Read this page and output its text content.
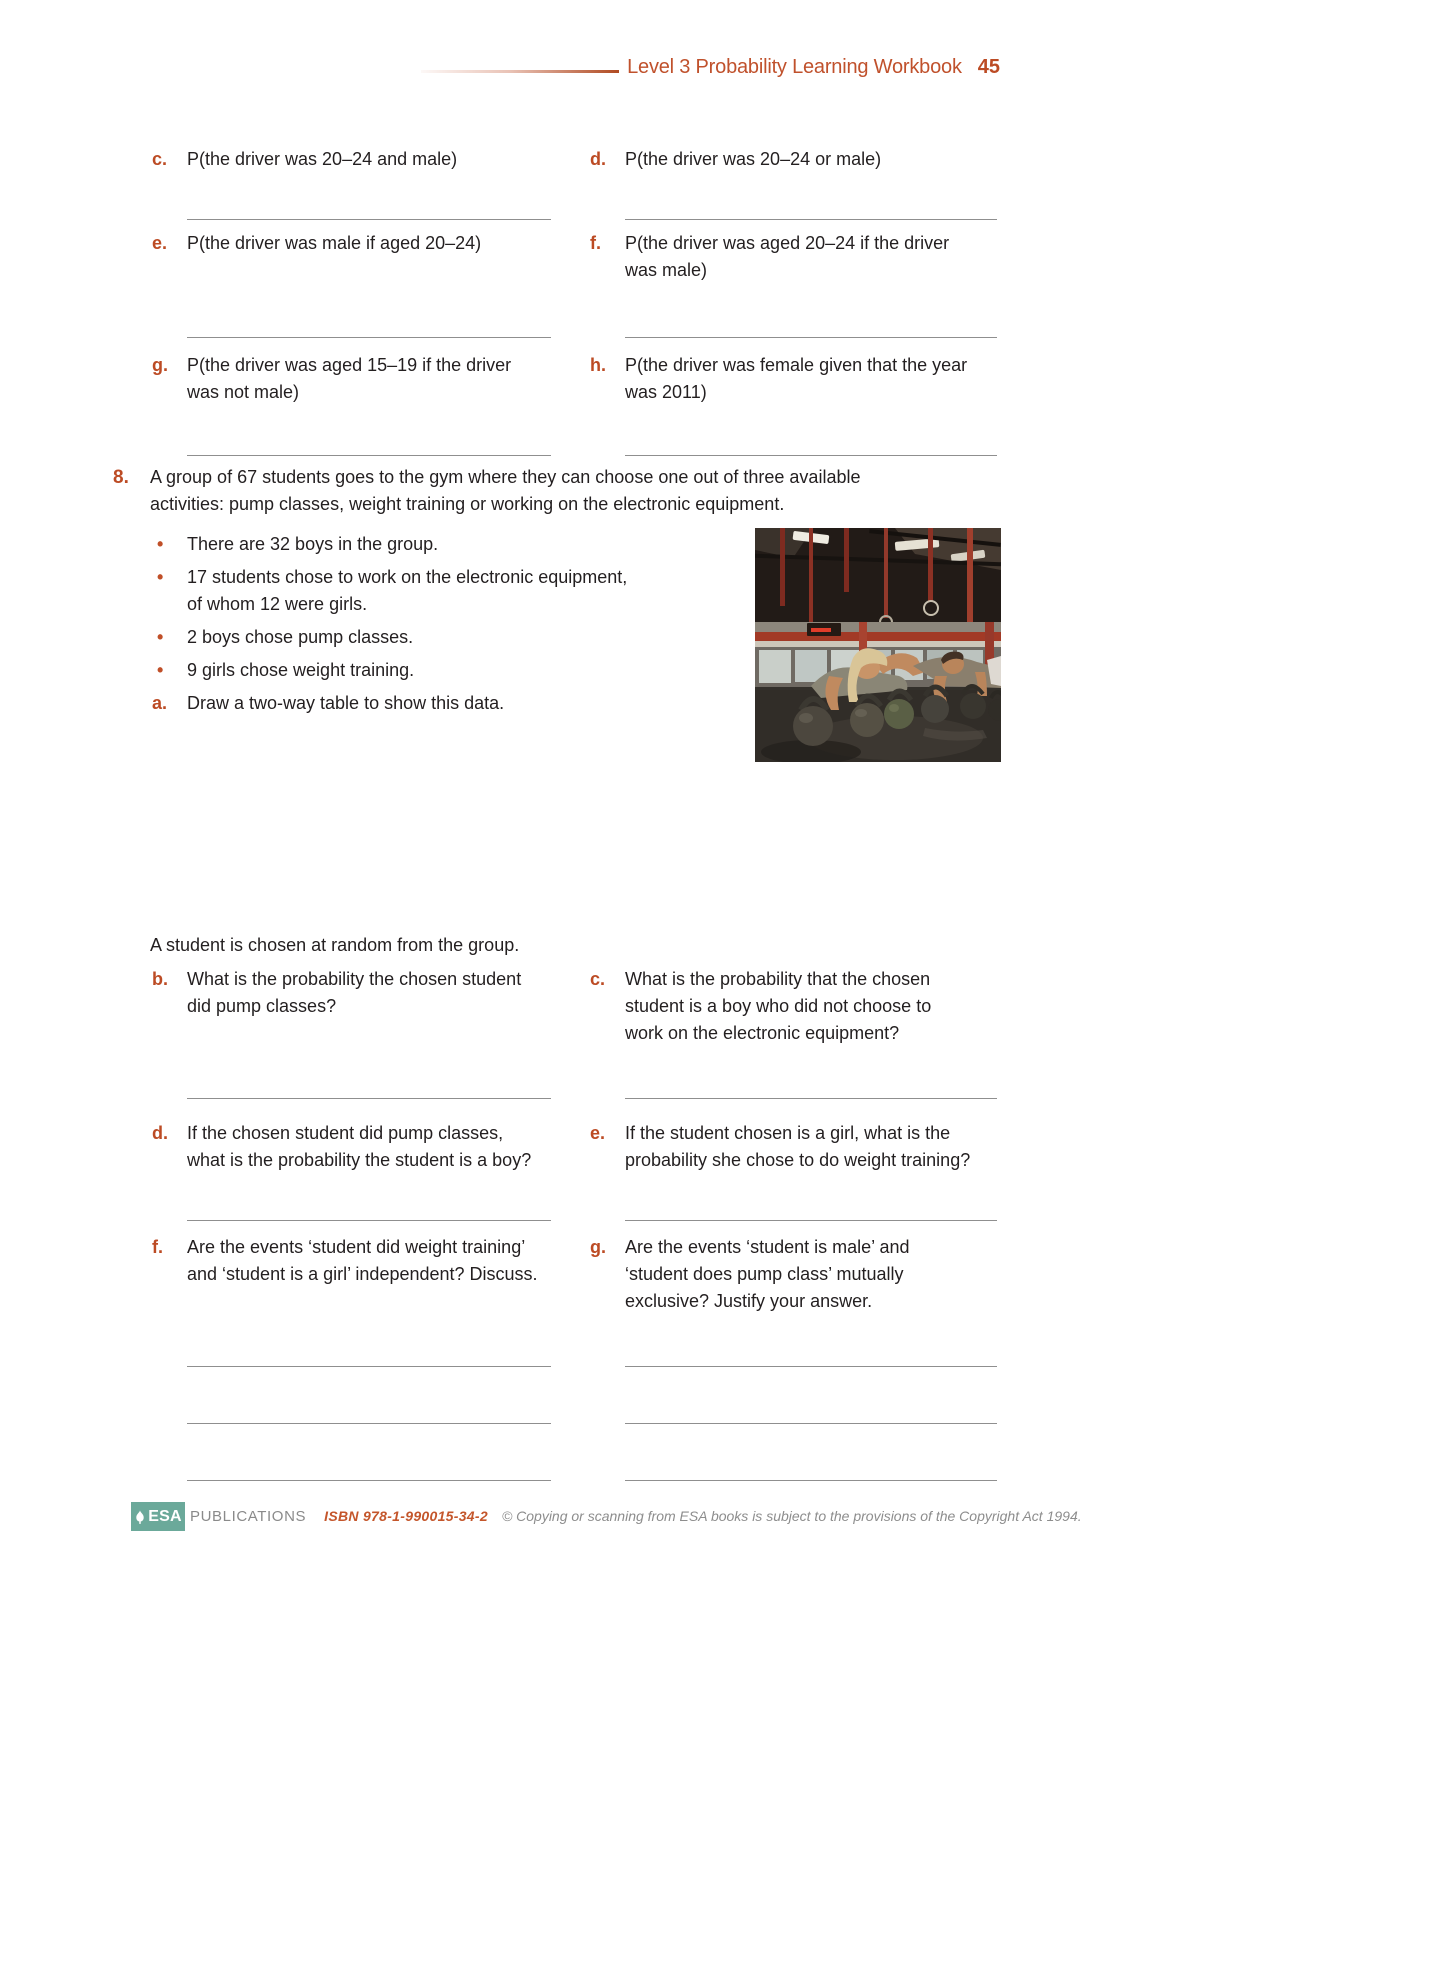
Level 3 Probability Learning Workbook 45
c.	P(the driver was 20–24 and male)	d.	P(the driver was 20–24 or male)
e.	P(the driver was male if aged 20–24)	f.	P(the driver was aged 20–24 if the driver
was male)
g.	P(the driver was aged 15–19 if the driver
was not male)
h.	P(the driver was female given that the year
was 2011)
8.	A group of 67 students goes to the gym where they can choose one out of three available
activities: pump classes, weight training or working on the electronic equipment.
•	There are 32 boys in the group.
•	17 students chose to work on the electronic equipment,
of whom 12 were girls.
•	2 boys chose pump classes.
•	9 girls chose weight training.
a.	Draw a two-way table to show this data.
A student is chosen at random from the group.
b.	What is the probability the chosen student
did pump classes?
c.	What is the probability that the chosen
student is a boy who did not choose to
work on the electronic equipment?
d.	If the chosen student did pump classes,
what is the probability the student is a boy?
e.	If the student chosen is a girl, what is the
probability she chose to do weight training?
f.	Are the events ‘student did weight training’
and ‘student is a girl’ independent? Discuss.
g.	Are the events ‘student is male’ and
‘student does pump class’ mutually
exclusive? Justify your answer.
ESA PUBLICATIONS ISBN 978-1-990015-34-2 © Copying or scanning from ESA books is subject to the provisions of the Copyright Act 1994.
